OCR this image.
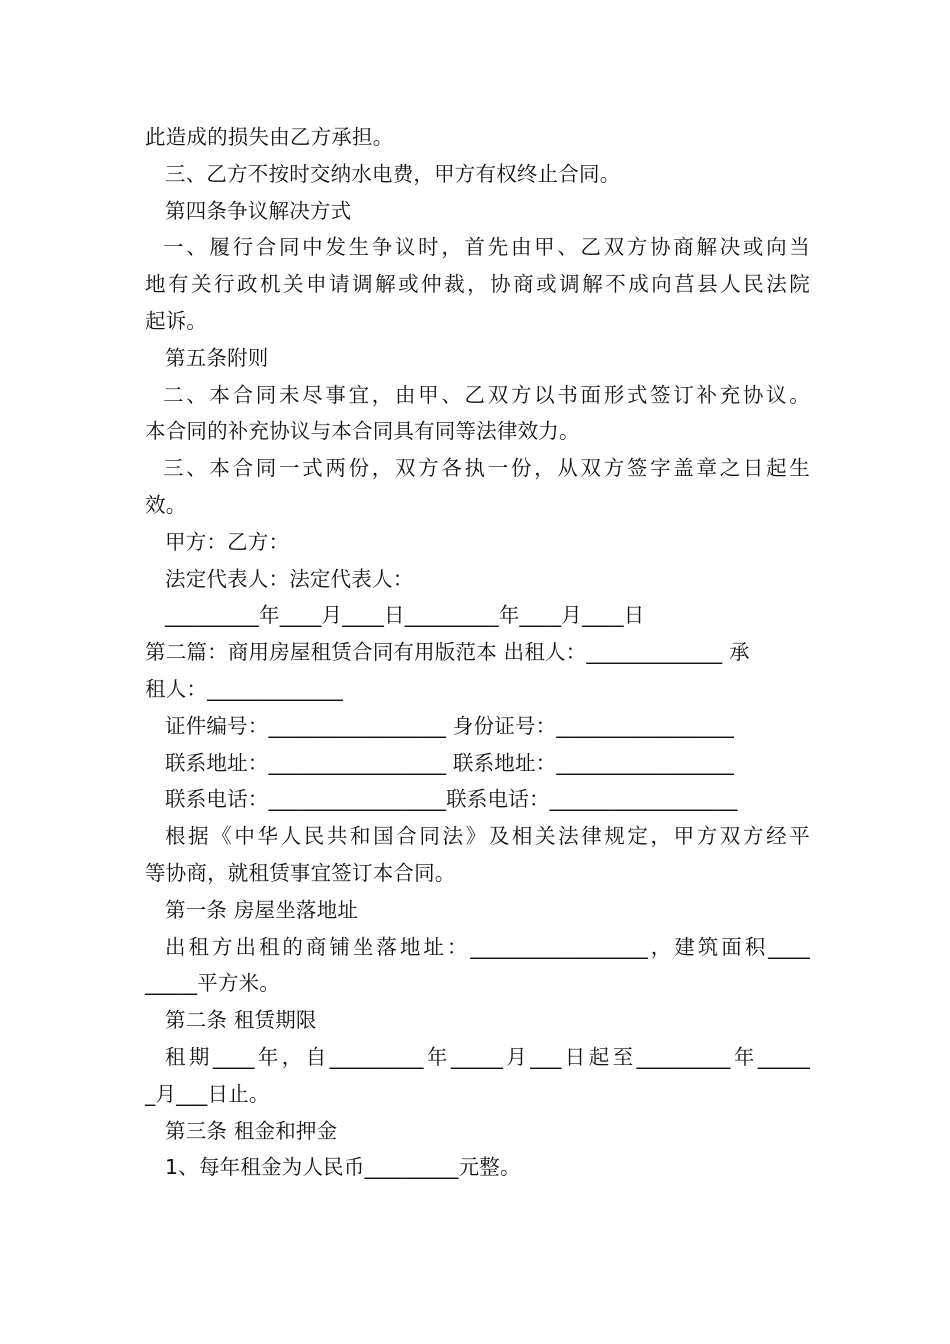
此造成的损失由乙方承担。

三、乙方不按时交纳水电费，甲方有权终止合同。

第四条争议解决方式

一、履行合同中发生争议时，首先由甲、乙双方协商解决或向当

地有关行政机关申请调解或仲裁，协商或调解不成向莒县人民法院

起诉。

第五条附则

二、本合同未尽事宜，由甲、乙双方以书面形式签订补充协议。

本合同的补充协议与本合同具有同等法律效力。

三、本合同一式两份，双方各执一份，从双方签字盖章之日起生

效。

甲方：乙方：

法定代表人：法定代表人：

_________年____月____日_________年____月____日

第二篇：商用房屋租赁合同有用版范本 出租人：_____________ 承

租人：_____________

证件编号：_________________ 身份证号：_________________

联系地址：_________________ 联系地址：_________________

联系电话：_________________联系电话：__________________

根据《中华人民共和国合同法》及相关法律规定，甲方双方经平

等协商，就租赁事宜签订本合同。

第一条 房屋坐落地址

出租方出租的商铺坐落地址：_________________，建筑面积____

_____平方米。

第二条 租赁期限

租期____年，自_________年_____月___日起至_________年_____

_月___日止。

第三条 租金和押金

1、每年租金为人民币_________元整。
